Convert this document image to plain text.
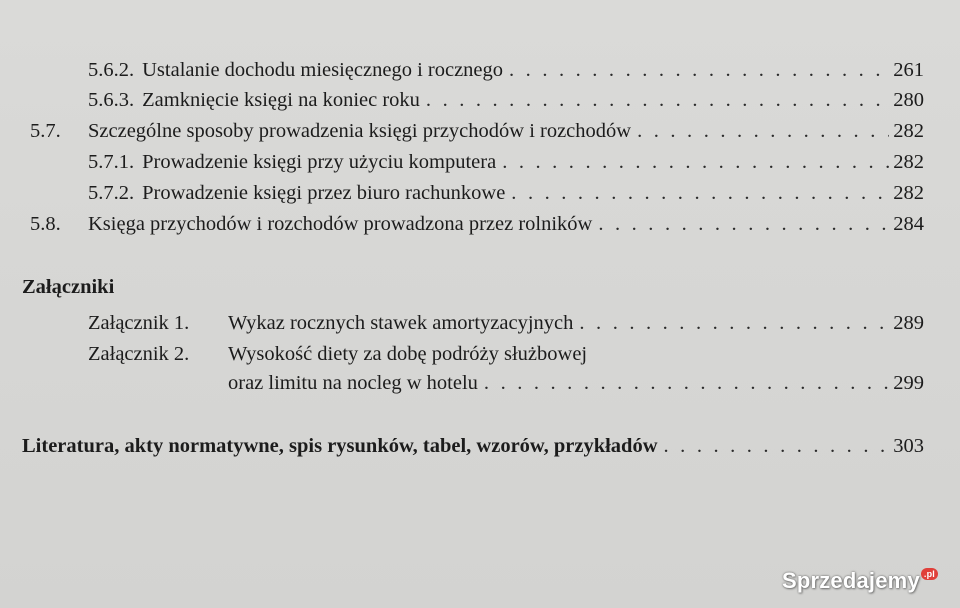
5.6.2. Ustalanie dochodu miesięcznego i rocznego . . .	261
5.6.3. Zamknięcie księgi na koniec roku . . .	280
5.7.	Szczególne sposoby prowadzenia księgi przychodów i rozchodów . . .	282
5.7.1. Prowadzenie księgi przy użyciu komputera . . .	282
5.7.2. Prowadzenie księgi przez biuro rachunkowe . . .	282
5.8.	Księga przychodów i rozchodów prowadzona przez rolników . . .	284
Załączniki
Załącznik 1.	Wykaz rocznych stawek amortyzacyjnych . . .	289
Załącznik 2.	Wysokość diety za dobę podróży służbowej
oraz limitu na nocleg w hotelu . . .	299
Literatura, akty normatywne, spis rysunków, tabel, wzorów, przykładów . . .	303
Sprzedajemy .pl
